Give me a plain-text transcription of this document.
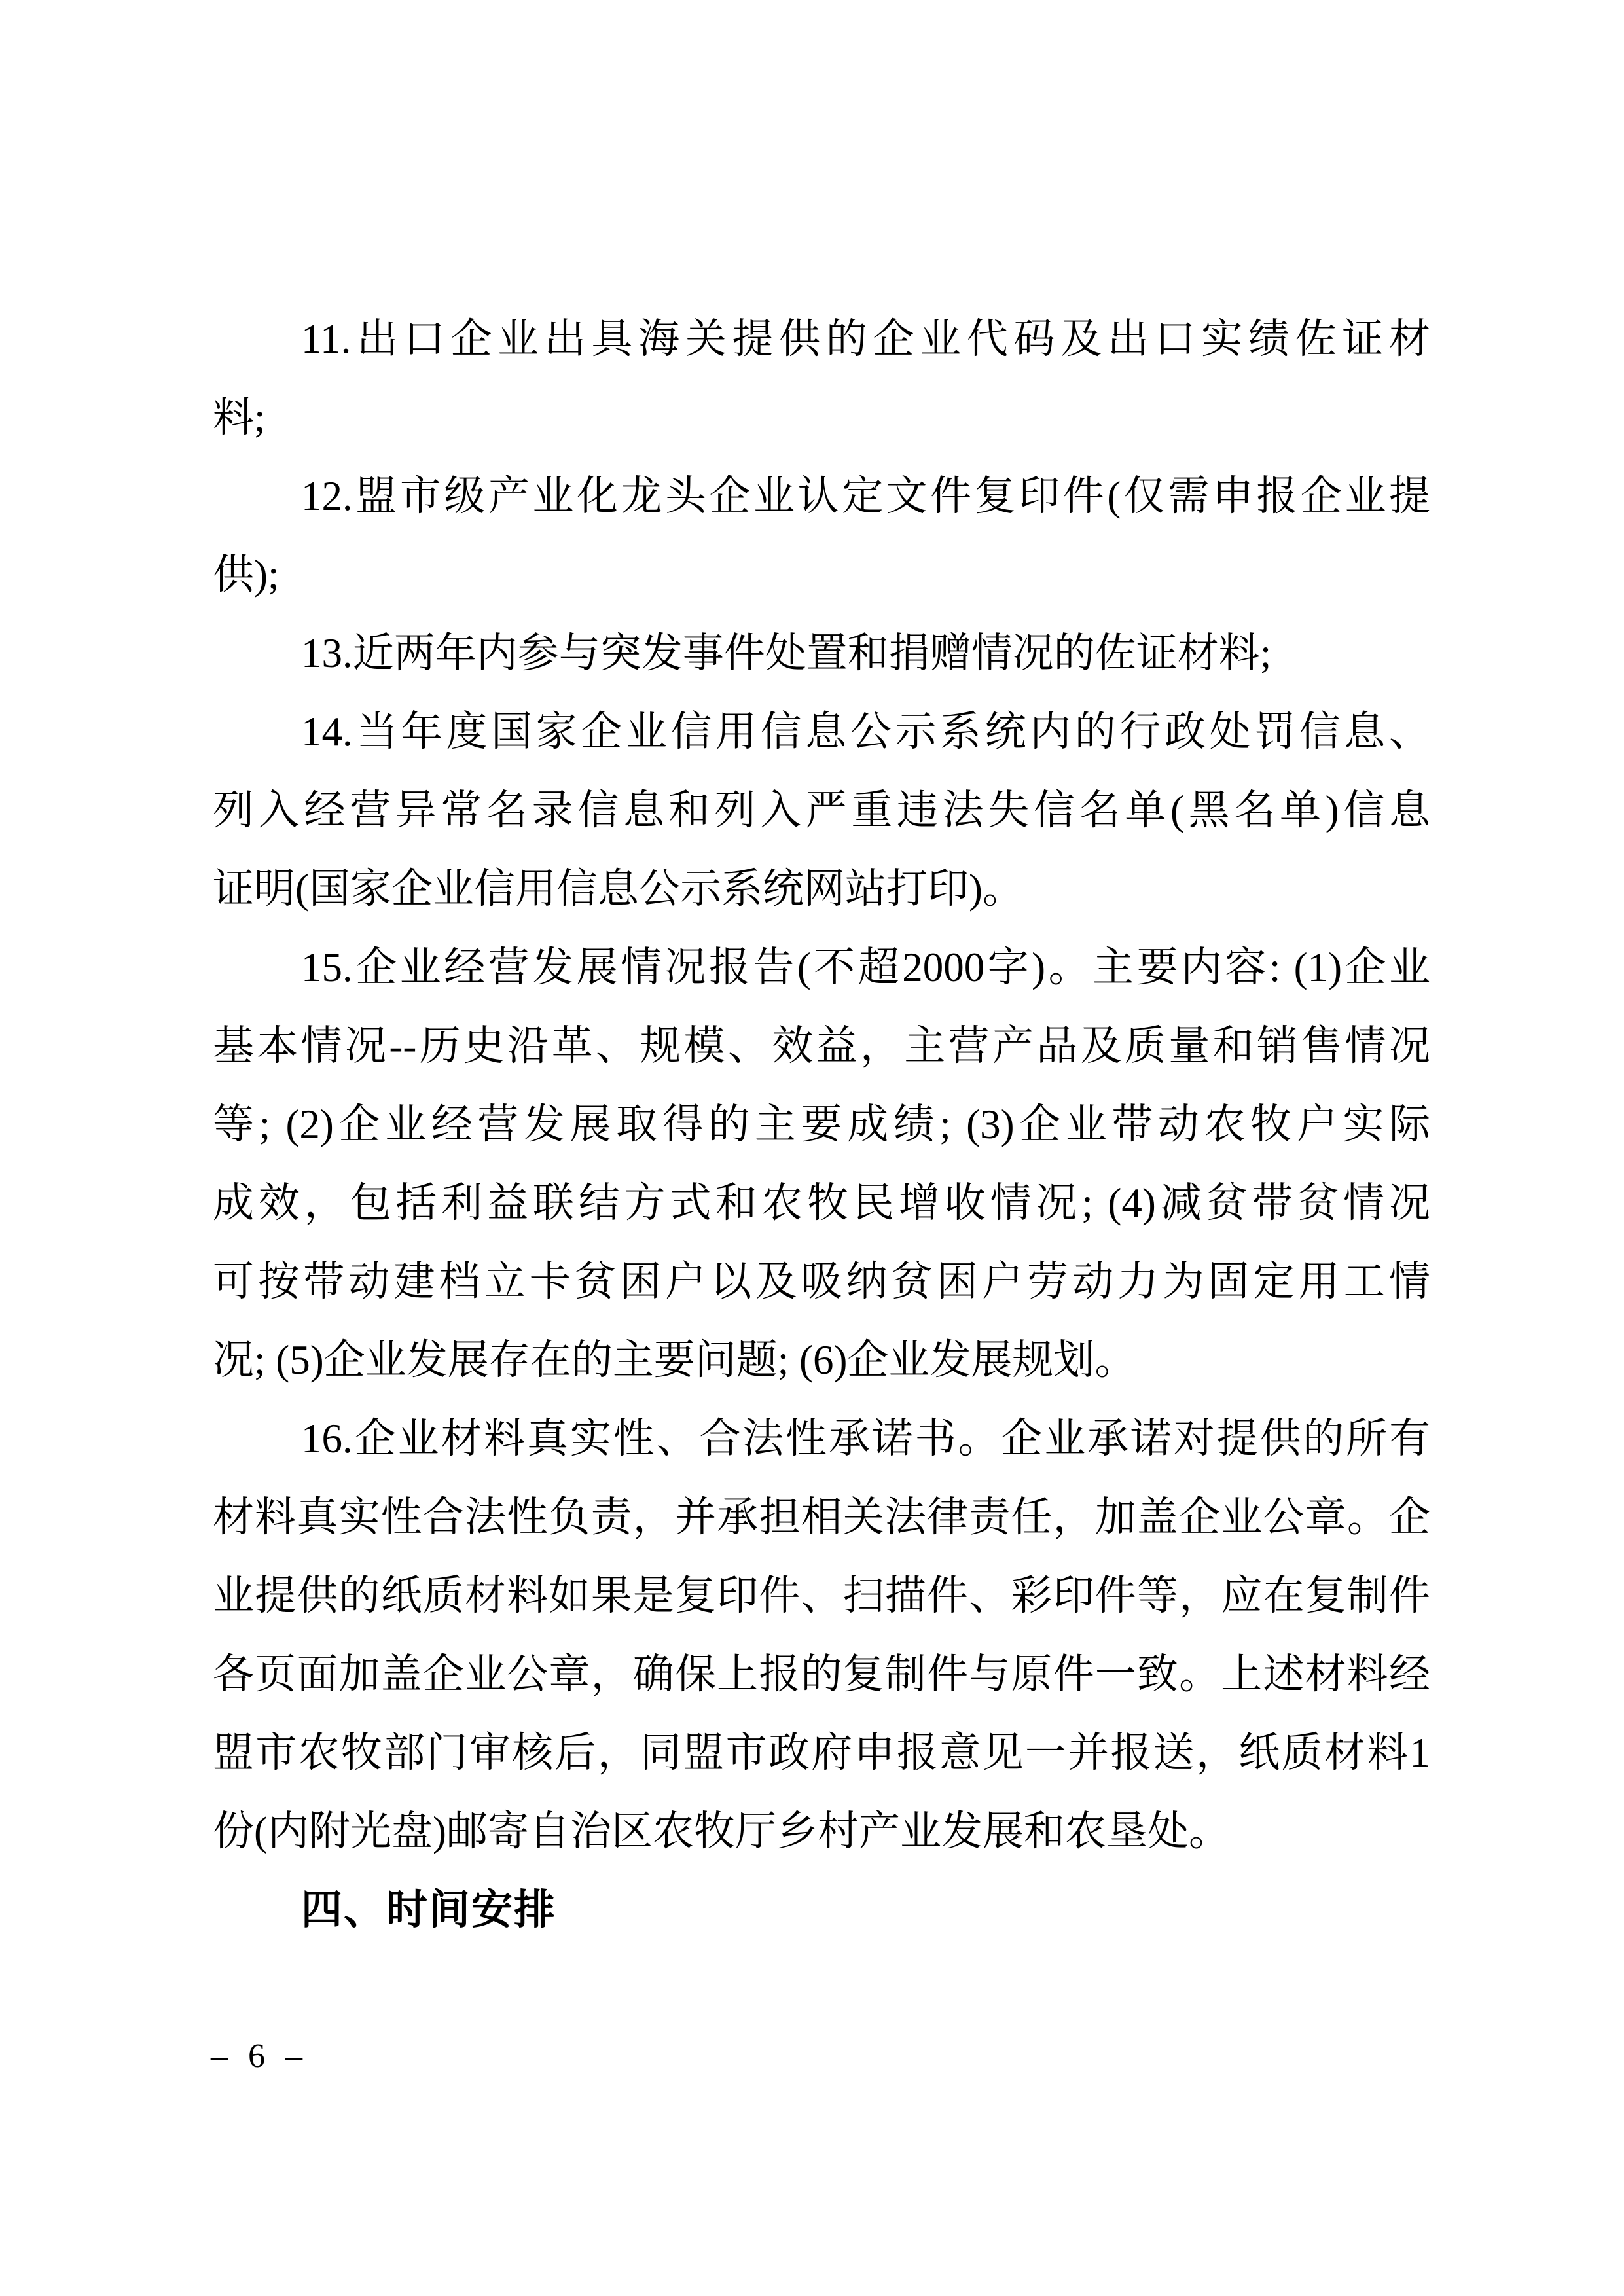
11.出口企业出具海关提供的企业代码及出口实绩佐证材
料;
12.盟市级产业化龙头企业认定文件复印件(仅需申报企业提
供);
13.近两年内参与突发事件处置和捐赠情况的佐证材料;
14.当年度国家企业信用信息公示系统内的行政处罚信息、
列入经营异常名录信息和列入严重违法失信名单(黑名单)信息
证明(国家企业信用信息公示系统网站打印)。
15.企业经营发展情况报告(不超2000字)。主要内容: (1)企业
基本情况--历史沿革、规模、效益，主营产品及质量和销售情况
等; (2)企业经营发展取得的主要成绩; (3)企业带动农牧户实际
成效，包括利益联结方式和农牧民增收情况; (4)减贫带贫情况
可按带动建档立卡贫困户以及吸纳贫困户劳动力为固定用工情
况; (5)企业发展存在的主要问题; (6)企业发展规划。
16.企业材料真实性、合法性承诺书。企业承诺对提供的所有
材料真实性合法性负责，并承担相关法律责任，加盖企业公章。企
业提供的纸质材料如果是复印件、扫描件、彩印件等，应在复制件
各页面加盖企业公章，确保上报的复制件与原件一致。上述材料经
盟市农牧部门审核后，同盟市政府申报意见一并报送，纸质材料1
份(内附光盘)邮寄自治区农牧厅乡村产业发展和农垦处。
四、时间安排
– 6 –
